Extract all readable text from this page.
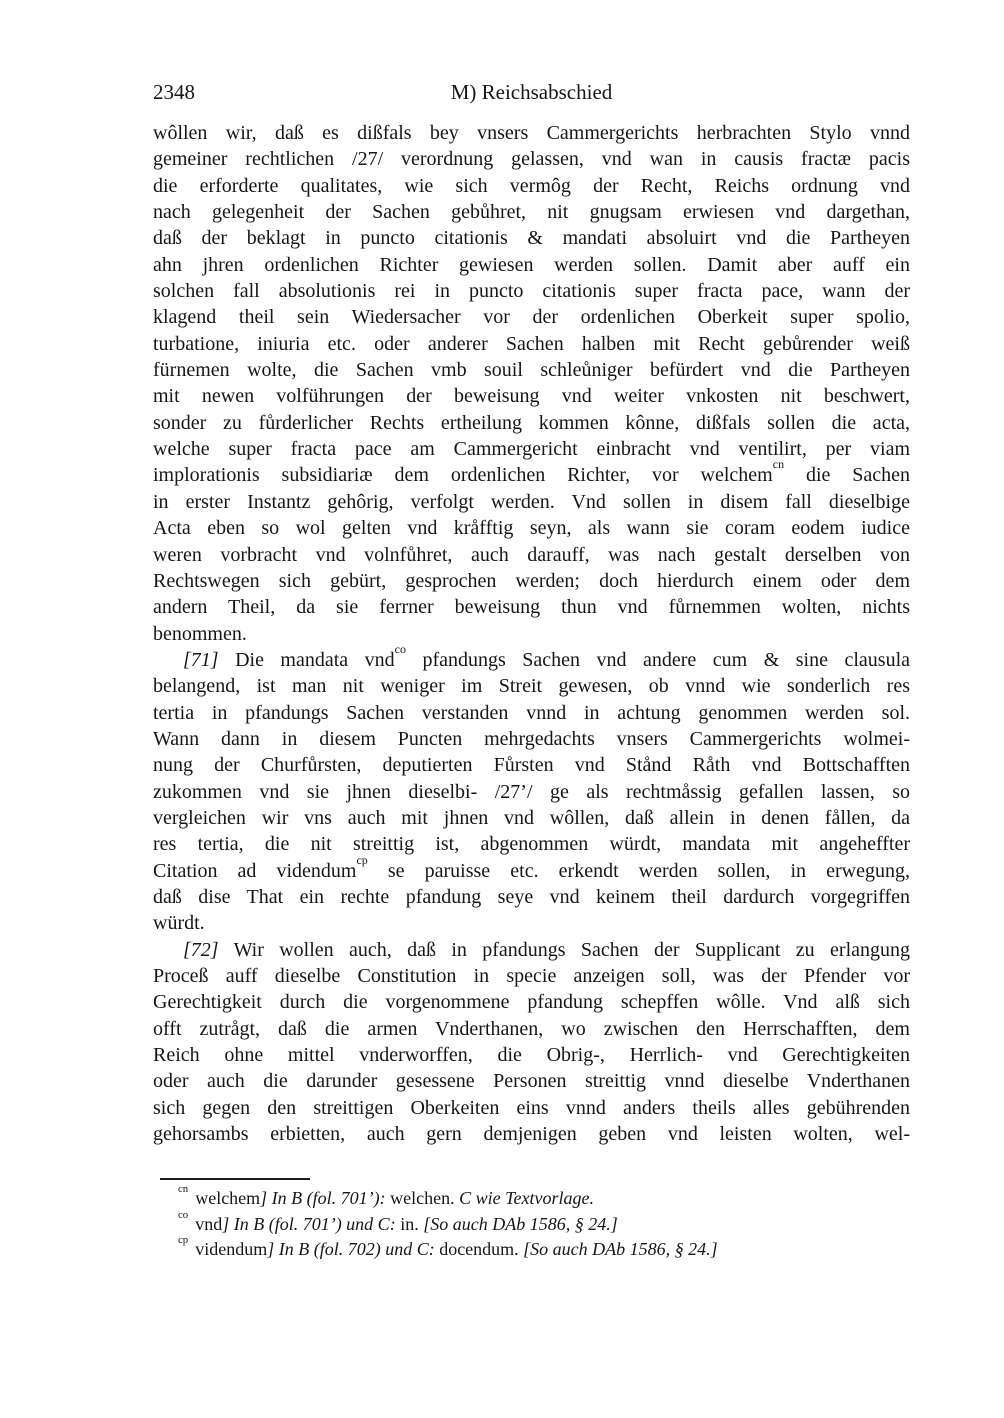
2348	M) Reichsabschied
wôllen wir, daß es dißfals bey vnsers Cammergerichts herbrachten Stylo vnnd
gemeiner rechtlichen /27/ verordnung gelassen, vnd wan in causis fractæ pacis
die erforderte qualitates, wie sich vermôg der Recht, Reichs ordnung vnd
nach gelegenheit der Sachen gebůhret, nit gnugsam erwiesen vnd dargethan,
daß der beklagt in puncto citationis & mandati absoluirt vnd die Partheyen
ahn jhren ordenlichen Richter gewiesen werden sollen. Damit aber auff ein
solchen fall absolutionis rei in puncto citationis super fracta pace, wann der
klagend theil sein Wiedersacher vor der ordenlichen Oberkeit super spolio,
turbatione, iniuria etc. oder anderer Sachen halben mit Recht gebůrender weiß
fürnemen wolte, die Sachen vmb souil schleůniger befürdert vnd die Partheyen
mit newen volführungen der beweisung vnd weiter vnkosten nit beschwert,
sonder zu fůrderlicher Rechts ertheilung kommen kônne, dißfals sollen die acta,
welche super fracta pace am Cammergericht einbracht vnd ventilirt, per viam
implorationis subsidiariæ dem ordenlichen Richter, vor welchem$^{cn}$ die Sachen
in erster Instantz gehôrig, verfolgt werden. Vnd sollen in disem fall dieselbige
Acta eben so wol gelten vnd kråfftig seyn, als wann sie coram eodem iudice
weren vorbracht vnd volnfůhret, auch darauff, was nach gestalt derselben von
Rechtswegen sich gebürt, gesprochen werden; doch hierdurch einem oder dem
andern Theil, da sie ferrner beweisung thun vnd fůrnemmen wolten, nichts
benommen.
[71] Die mandata vnd$^{co}$ pfandungs Sachen vnd andere cum & sine clausula
belangend, ist man nit weniger im Streit gewesen, ob vnnd wie sonderlich res
tertia in pfandungs Sachen verstanden vnnd in achtung genommen werden sol.
Wann dann in diesem Puncten mehrgedachts vnsers Cammergerichts wolmei-
nung der Churfůrsten, deputierten Fůrsten vnd Stånd Råth vnd Bottschafften
zukommen vnd sie jhnen dieselbi- /27’/ ge als rechtmåssig gefallen lassen, so
vergleichen wir vns auch mit jhnen vnd wôllen, daß allein in denen fållen, da
res tertia, die nit streittig ist, abgenommen würdt, mandata mit angeheffter
Citation ad videndum$^{cp}$ se paruisse etc. erkendt werden sollen, in erwegung,
daß dise That ein rechte pfandung seye vnd keinem theil dardurch vorgegriffen
würdt.
[72] Wir wollen auch, daß in pfandungs Sachen der Supplicant zu erlangung
Proceß auff dieselbe Constitution in specie anzeigen soll, was der Pfender vor
Gerechtigkeit durch die vorgenommene pfandung schepffen wôlle. Vnd alß sich
offt zutrågt, daß die armen Vnderthanen, wo zwischen den Herrschafften, dem
Reich ohne mittel vnderworffen, die Obrig-, Herrlich- vnd Gerechtigkeiten
oder auch die darunder gesessene Personen streittig vnnd dieselbe Vnderthanen
sich gegen den streittigen Oberkeiten eins vnnd anders theils alles gebührenden
gehorsambs erbietten, auch gern demjenigen geben vnd leisten wolten, wel-
$^{cn}$ welchem] In B (fol. 701’): welchen. C wie Textvorlage.
$^{co}$ vnd] In B (fol. 701’) und C: in. [So auch DAb 1586, § 24.]
$^{cp}$ videndum] In B (fol. 702) und C: docendum. [So auch DAb 1586, § 24.]
